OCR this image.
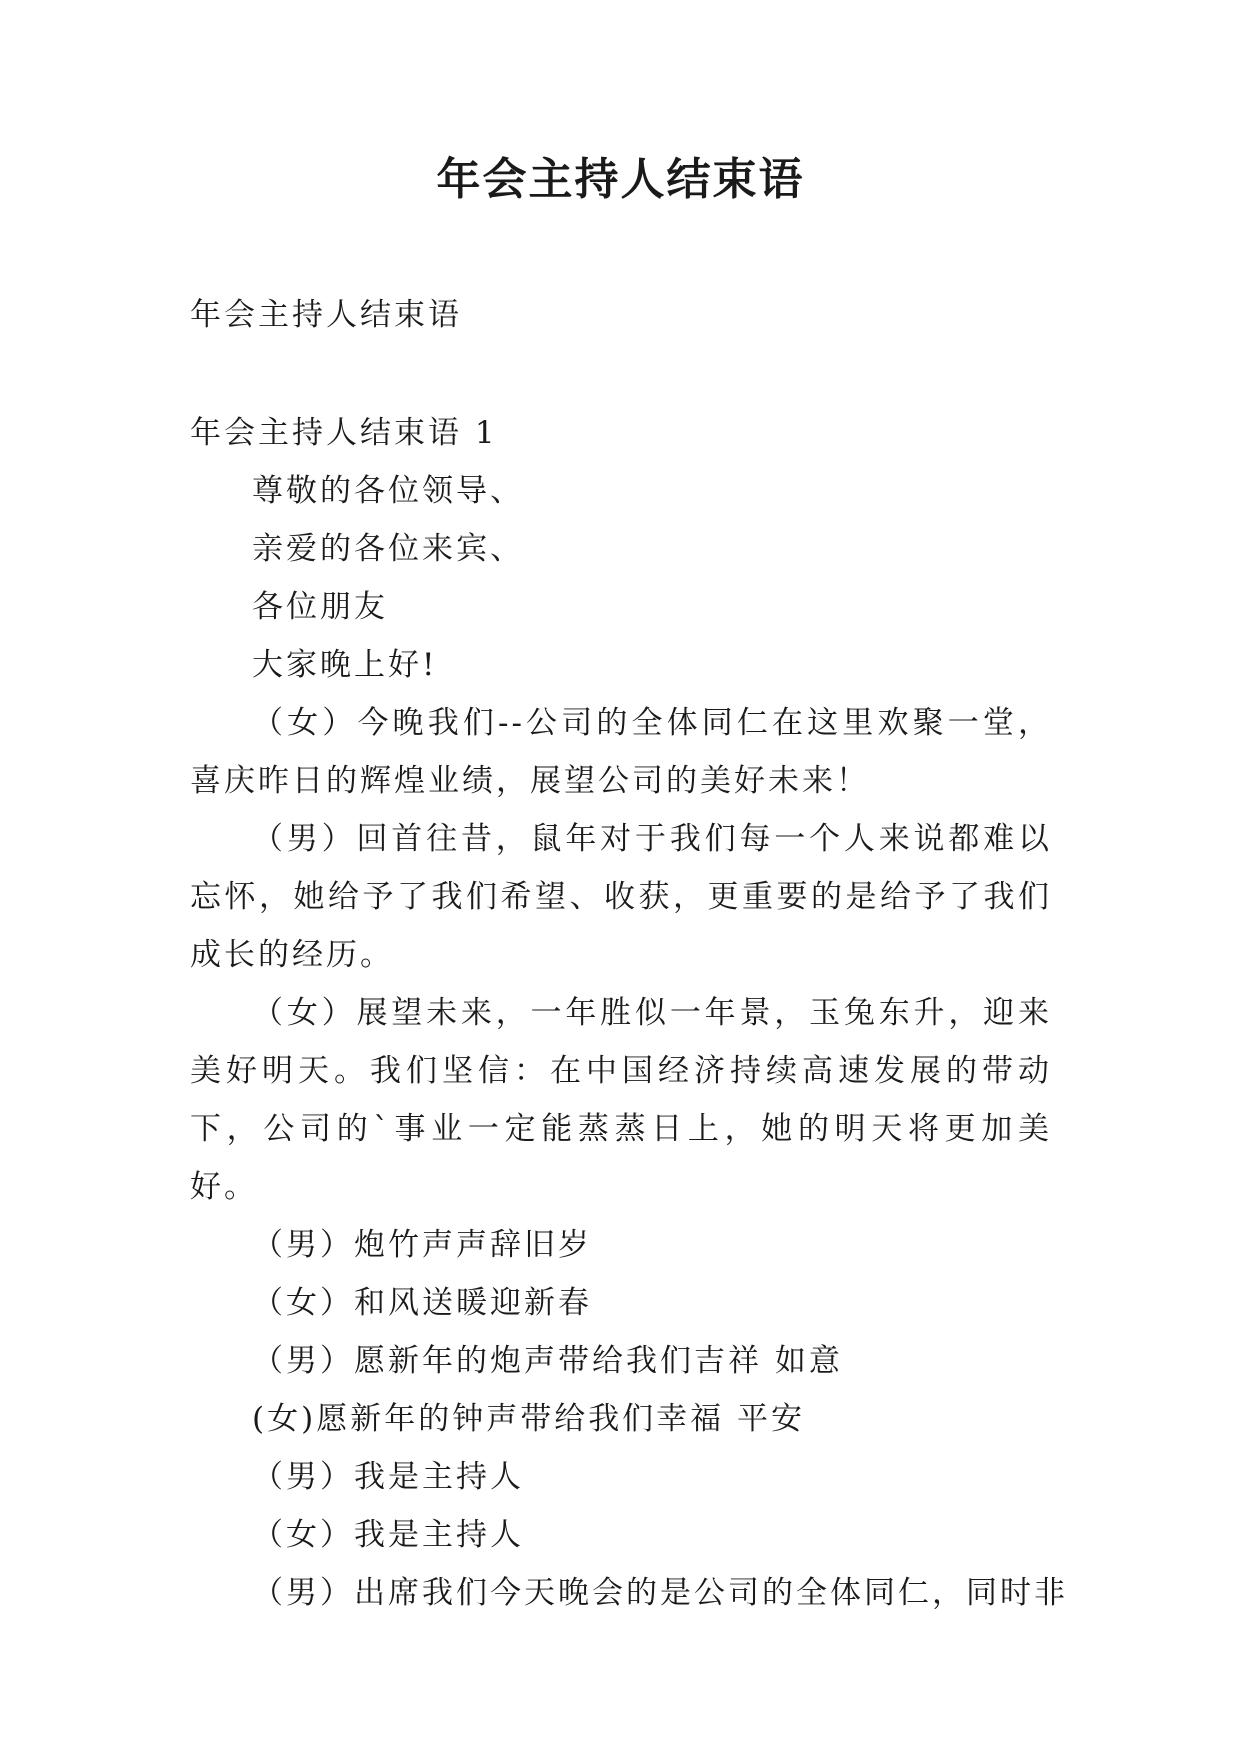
年会主持人结束语
年会主持人结束语
年会主持人结束语 1

尊敬的各位领导、

亲爱的各位来宾、

各位朋友

大家晚上好!

（女）今晚我们--公司的全体同仁在这里欢聚一堂，喜庆昨日的辉煌业绩，展望公司的美好未来！

（男）回首往昔，鼠年对于我们每一个人来说都难以忘怀，她给予了我们希望、收获，更重要的是给予了我们成长的经历。

（女）展望未来，一年胜似一年景，玉兔东升，迎来美好明天。我们坚信：在中国经济持续高速发展的带动下，公司的`事业一定能蒸蒸日上，她的明天将更加美好。

（男）炮竹声声辞旧岁

（女）和风送暖迎新春

（男）愿新年的炮声带给我们吉祥 如意

(女)愿新年的钟声带给我们幸福 平安

（男）我是主持人

（女）我是主持人

（男）出席我们今天晚会的是公司的全体同仁，同时非
